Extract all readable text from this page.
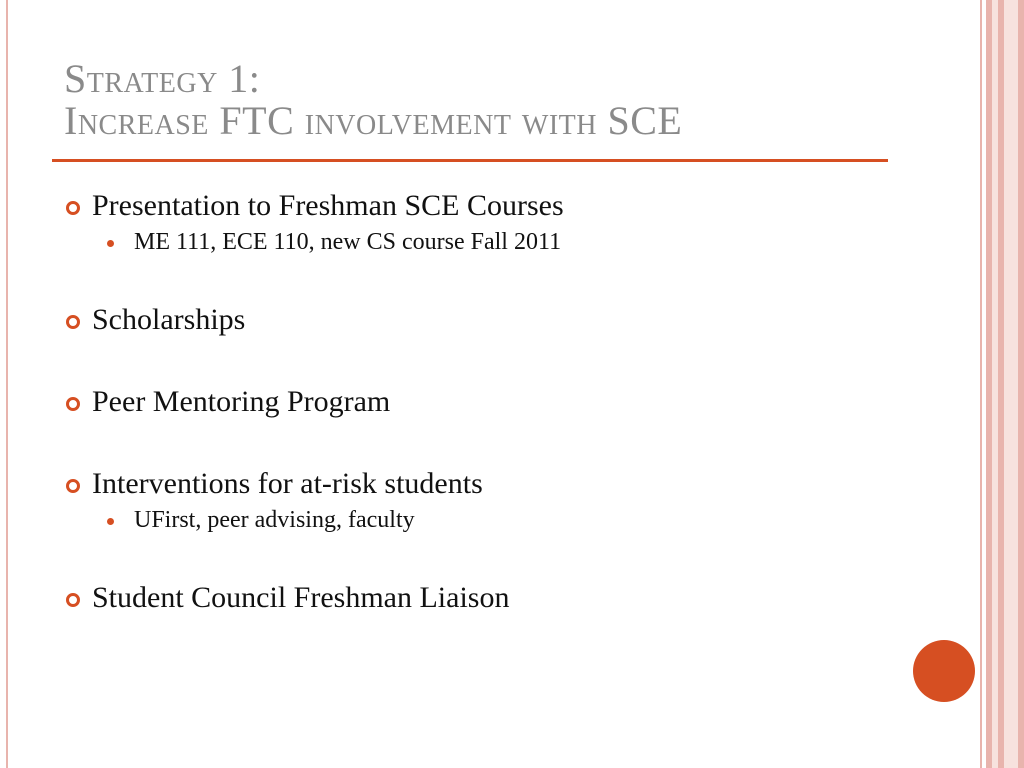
Strategy 1:
Increase FTC involvement with SCE
Presentation to Freshman SCE Courses
ME 111, ECE 110, new CS course Fall 2011
Scholarships
Peer Mentoring Program
Interventions for at-risk students
UFirst, peer advising, faculty
Student Council Freshman Liaison
